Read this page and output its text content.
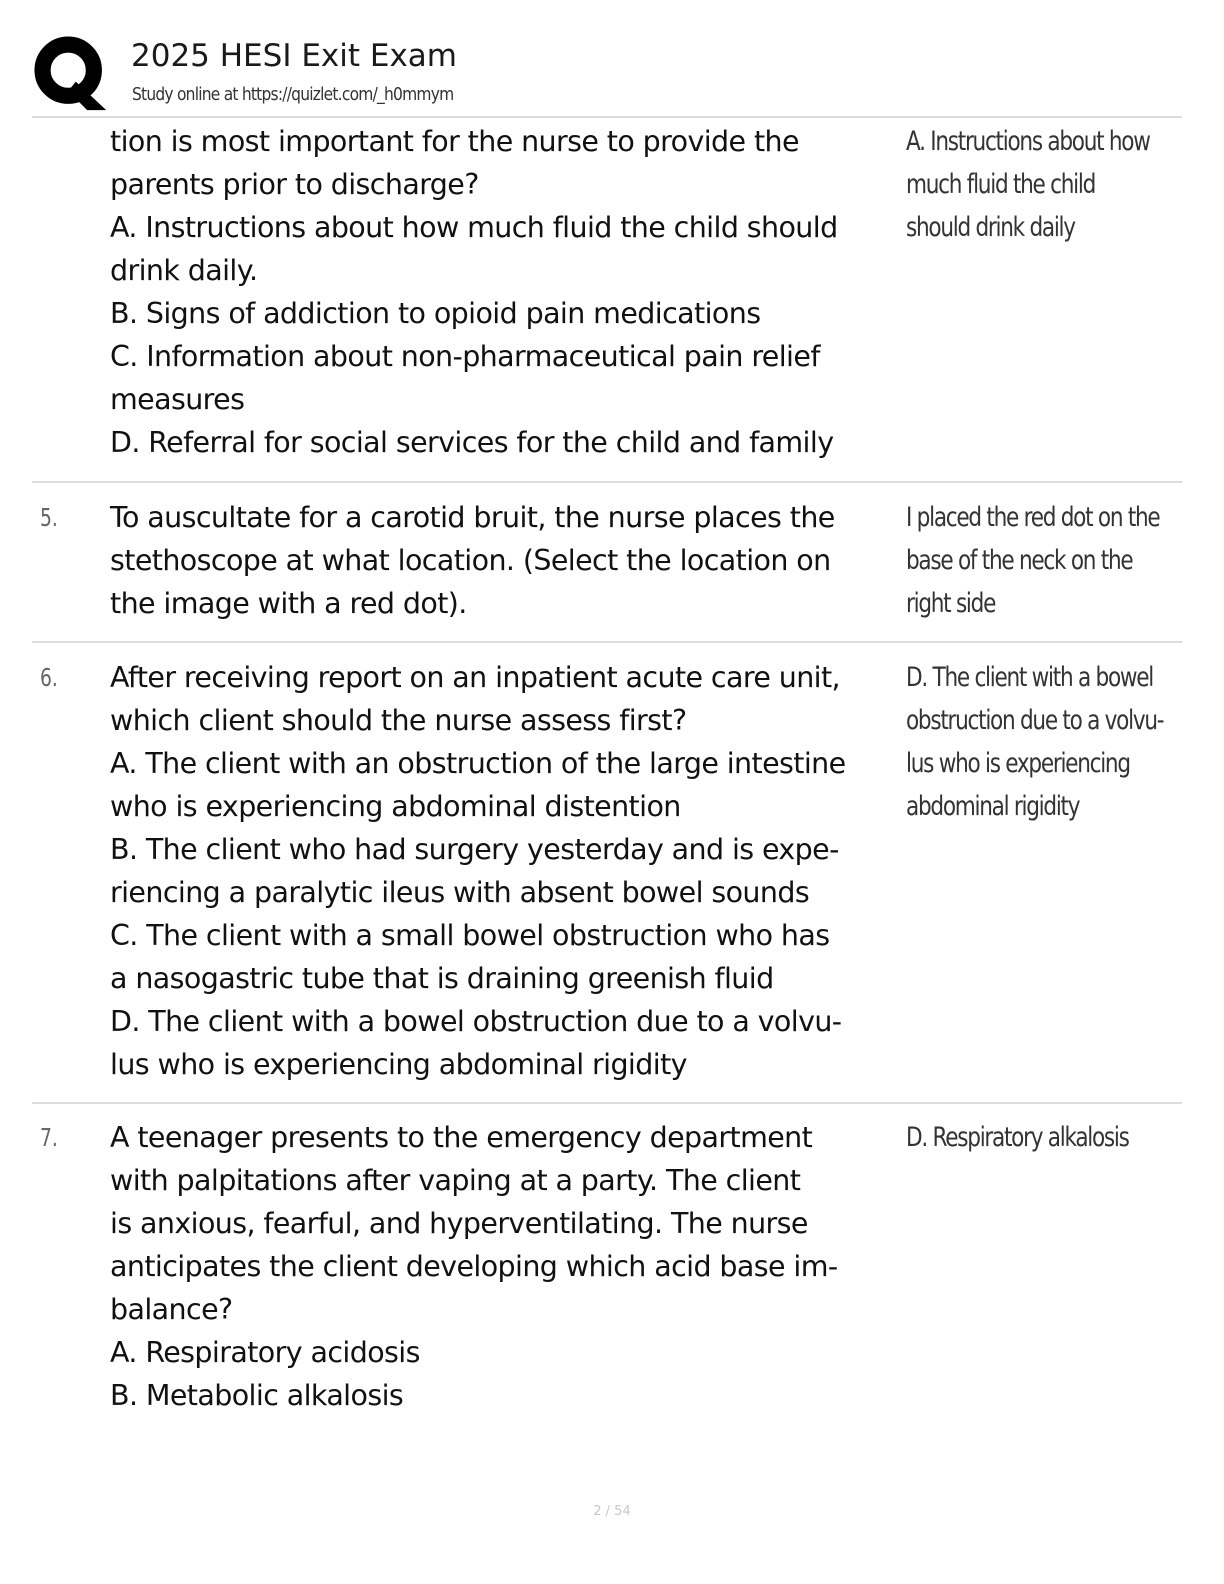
2025 HESI Exit Exam
Study online at https://quizlet.com/_h0mmym
tion is most important for the nurse to provide the
parents prior to discharge?
A. Instructions about how much fluid the child should
drink daily.
B. Signs of addiction to opioid pain medications
C. Information about non-pharmaceutical pain relief
measures
D. Referral for social services for the child and family
A. Instructions about how
much fluid the child
should drink daily
5. To auscultate for a carotid bruit, the nurse places the
stethoscope at what location. (Select the location on
the image with a red dot).
I placed the red dot on the
base of the neck on the
right side
6. After receiving report on an inpatient acute care unit,
which client should the nurse assess first?
A. The client with an obstruction of the large intestine
who is experiencing abdominal distention
B. The client who had surgery yesterday and is expe-
riencing a paralytic ileus with absent bowel sounds
C. The client with a small bowel obstruction who has
a nasogastric tube that is draining greenish fluid
D. The client with a bowel obstruction due to a volvu-
lus who is experiencing abdominal rigidity
D. The client with a bowel
obstruction due to a volvu-
lus who is experiencing
abdominal rigidity
7. A teenager presents to the emergency department
with palpitations after vaping at a party. The client
is anxious, fearful, and hyperventilating. The nurse
anticipates the client developing which acid base im-
balance?
A. Respiratory acidosis
B. Metabolic alkalosis
D. Respiratory alkalosis
2 / 54
